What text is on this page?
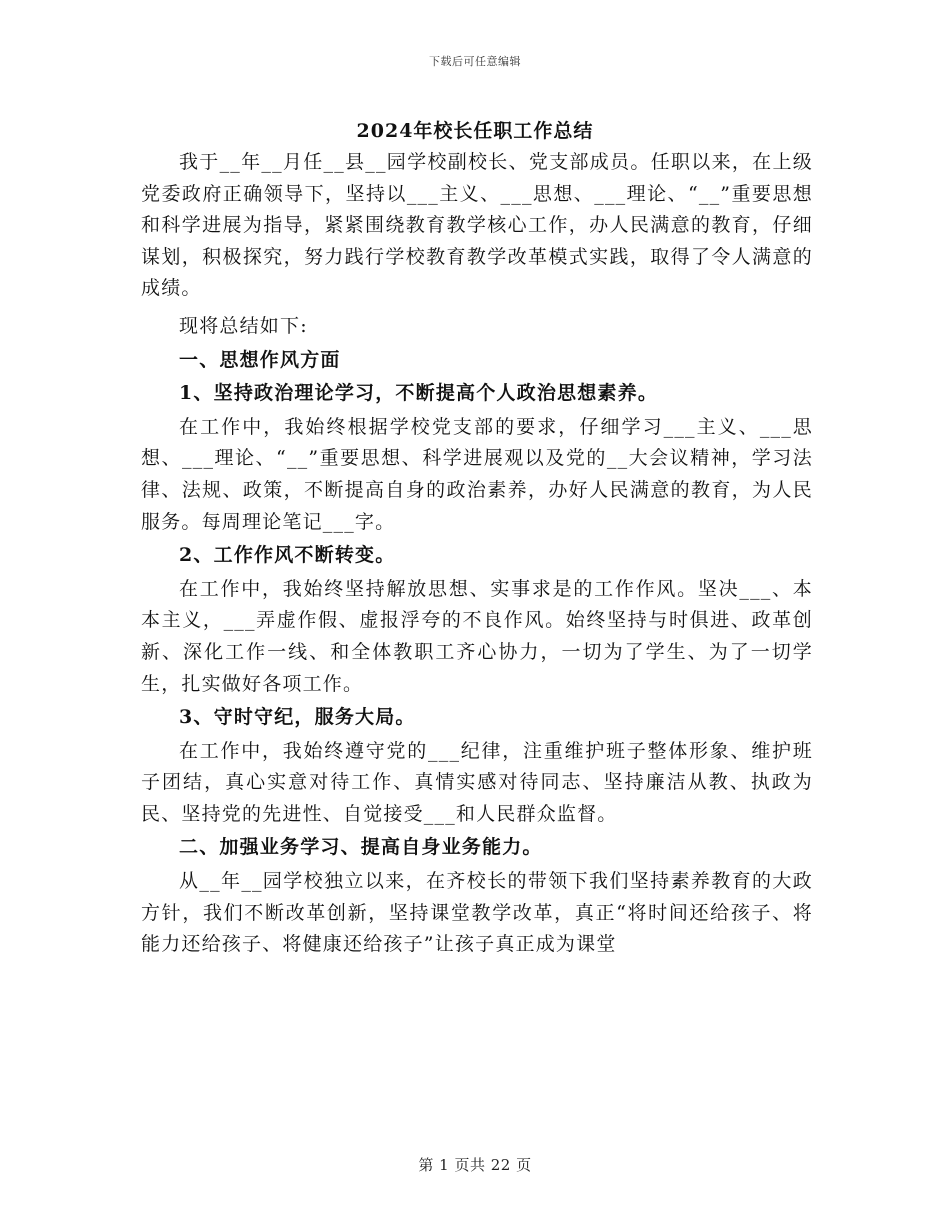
下载后可任意编辑
2024年校长任职工作总结

我于__年__月任__县__园学校副校长、党支部成员。任职以来，在上级党委政府正确领导下，坚持以___主义、___思想、___理论、“__”重要思想和科学进展为指导，紧紧围绕教育教学核心工作，办人民满意的教育，仔细谋划，积极探究，努力践行学校教育教学改革模式实践，取得了令人满意的成绩。

现将总结如下:

一、思想作风方面

1、坚持政治理论学习，不断提高个人政治思想素养。

在工作中，我始终根据学校党支部的要求，仔细学习___主义、___思想、___理论、“__”重要思想、科学进展观以及党的__大会议精神，学习法律、法规、政策，不断提高自身的政治素养，办好人民满意的教育，为人民服务。每周理论笔记___字。

2、工作作风不断转变。

在工作中，我始终坚持解放思想、实事求是的工作作风。坚决___、本本主义，___弄虚作假、虚报浮夸的不良作风。始终坚持与时俱进、政革创新、深化工作一线、和全体教职工齐心协力，一切为了学生、为了一切学生，扎实做好各项工作。

3、守时守纪，服务大局。

在工作中，我始终遵守党的___纪律，注重维护班子整体形象、维护班子团结，真心实意对待工作、真情实感对待同志、坚持廉洁从教、执政为民、坚持党的先进性、自觉接受___和人民群众监督。

二、加强业务学习、提高自身业务能力。

从__年__园学校独立以来，在齐校长的带领下我们坚持素养教育的大政方针，我们不断改革创新，坚持课堂教学改革，真正“将时间还给孩子、将能力还给孩子、将健康还给孩子”让孩子真正成为课堂

第 1 页共 22 页
